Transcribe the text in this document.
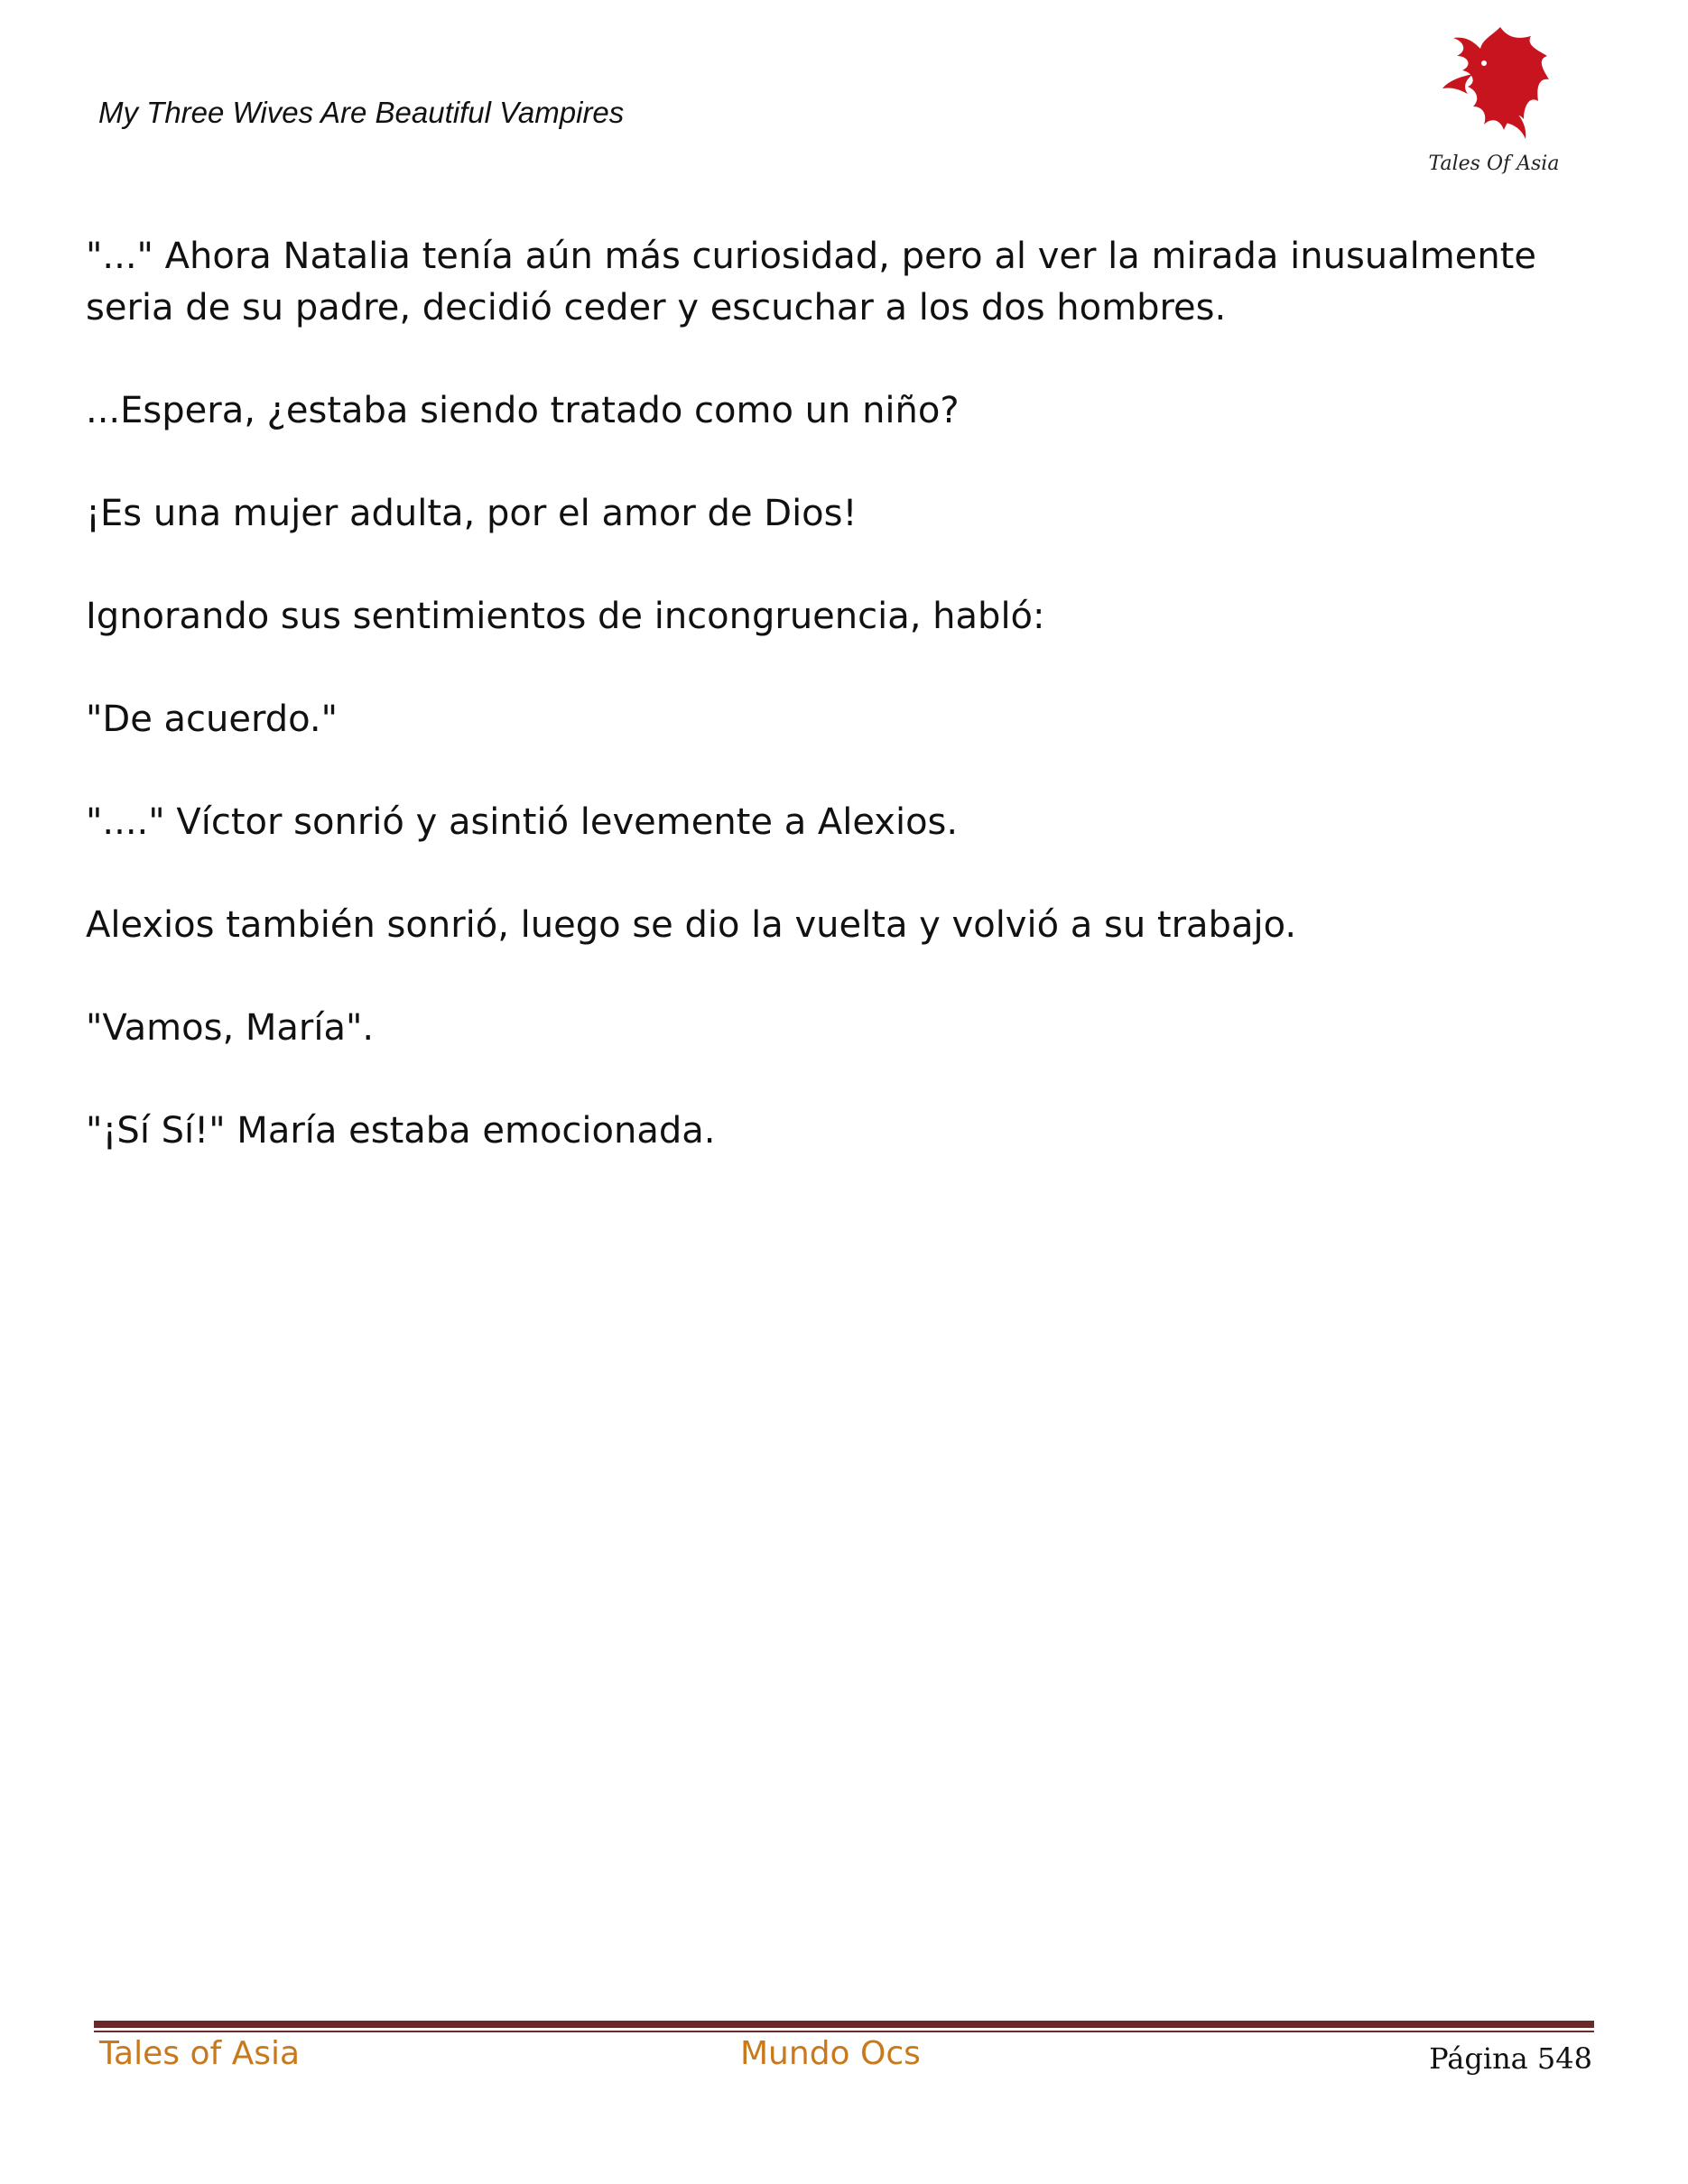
My Three Wives Are Beautiful Vampires
Tales Of Asia

"..." Ahora Natalia tenía aún más curiosidad, pero al ver la mirada inusualmente seria de su padre, decidió ceder y escuchar a los dos hombres.

...Espera, ¿estaba siendo tratado como un niño?

¡Es una mujer adulta, por el amor de Dios!

Ignorando sus sentimientos de incongruencia, habló:

"De acuerdo."

"...." Víctor sonrió y asintió levemente a Alexios.

Alexios también sonrió, luego se dio la vuelta y volvió a su trabajo.

"Vamos, María".

"¡Sí Sí!" María estaba emocionada.

Tales of Asia	Mundo Ocs	Página 548
